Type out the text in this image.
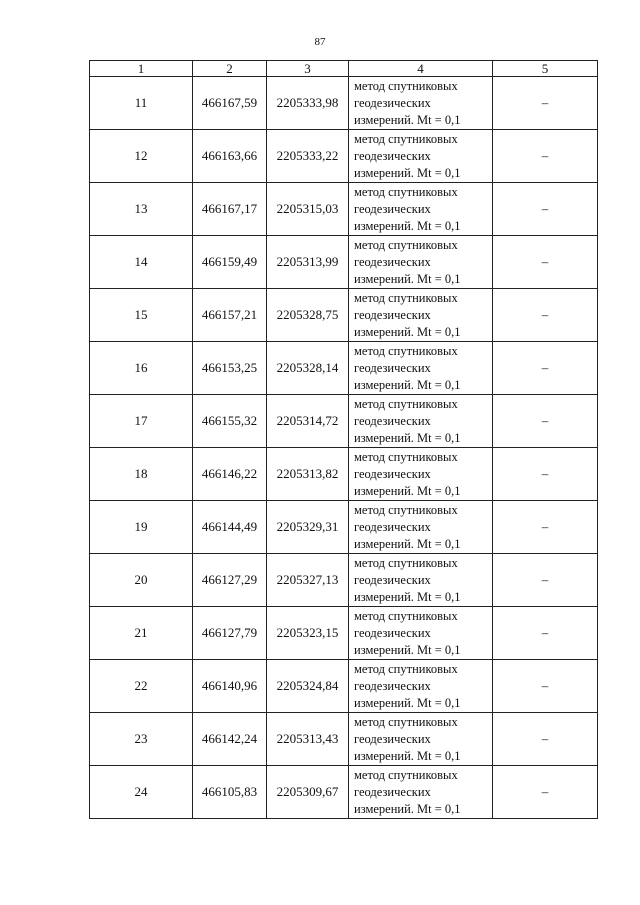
87
1	2	3	4	5
11	466167,59	2205333,98	метод спутниковых
геодезических
измерений. Mt = 0,1	–
12	466163,66	2205333,22	метод спутниковых
геодезических
измерений. Mt = 0,1	–
13	466167,17	2205315,03	метод спутниковых
геодезических
измерений. Mt = 0,1	–
14	466159,49	2205313,99	метод спутниковых
геодезических
измерений. Mt = 0,1	–
15	466157,21	2205328,75	метод спутниковых
геодезических
измерений. Mt = 0,1	–
16	466153,25	2205328,14	метод спутниковых
геодезических
измерений. Mt = 0,1	–
17	466155,32	2205314,72	метод спутниковых
геодезических
измерений. Mt = 0,1	–
18	466146,22	2205313,82	метод спутниковых
геодезических
измерений. Mt = 0,1	–
19	466144,49	2205329,31	метод спутниковых
геодезических
измерений. Mt = 0,1	–
20	466127,29	2205327,13	метод спутниковых
геодезических
измерений. Mt = 0,1	–
21	466127,79	2205323,15	метод спутниковых
геодезических
измерений. Mt = 0,1	–
22	466140,96	2205324,84	метод спутниковых
геодезических
измерений. Mt = 0,1	–
23	466142,24	2205313,43	метод спутниковых
геодезических
измерений. Mt = 0,1	–
24	466105,83	2205309,67	метод спутниковых
геодезических
измерений. Mt = 0,1	–
